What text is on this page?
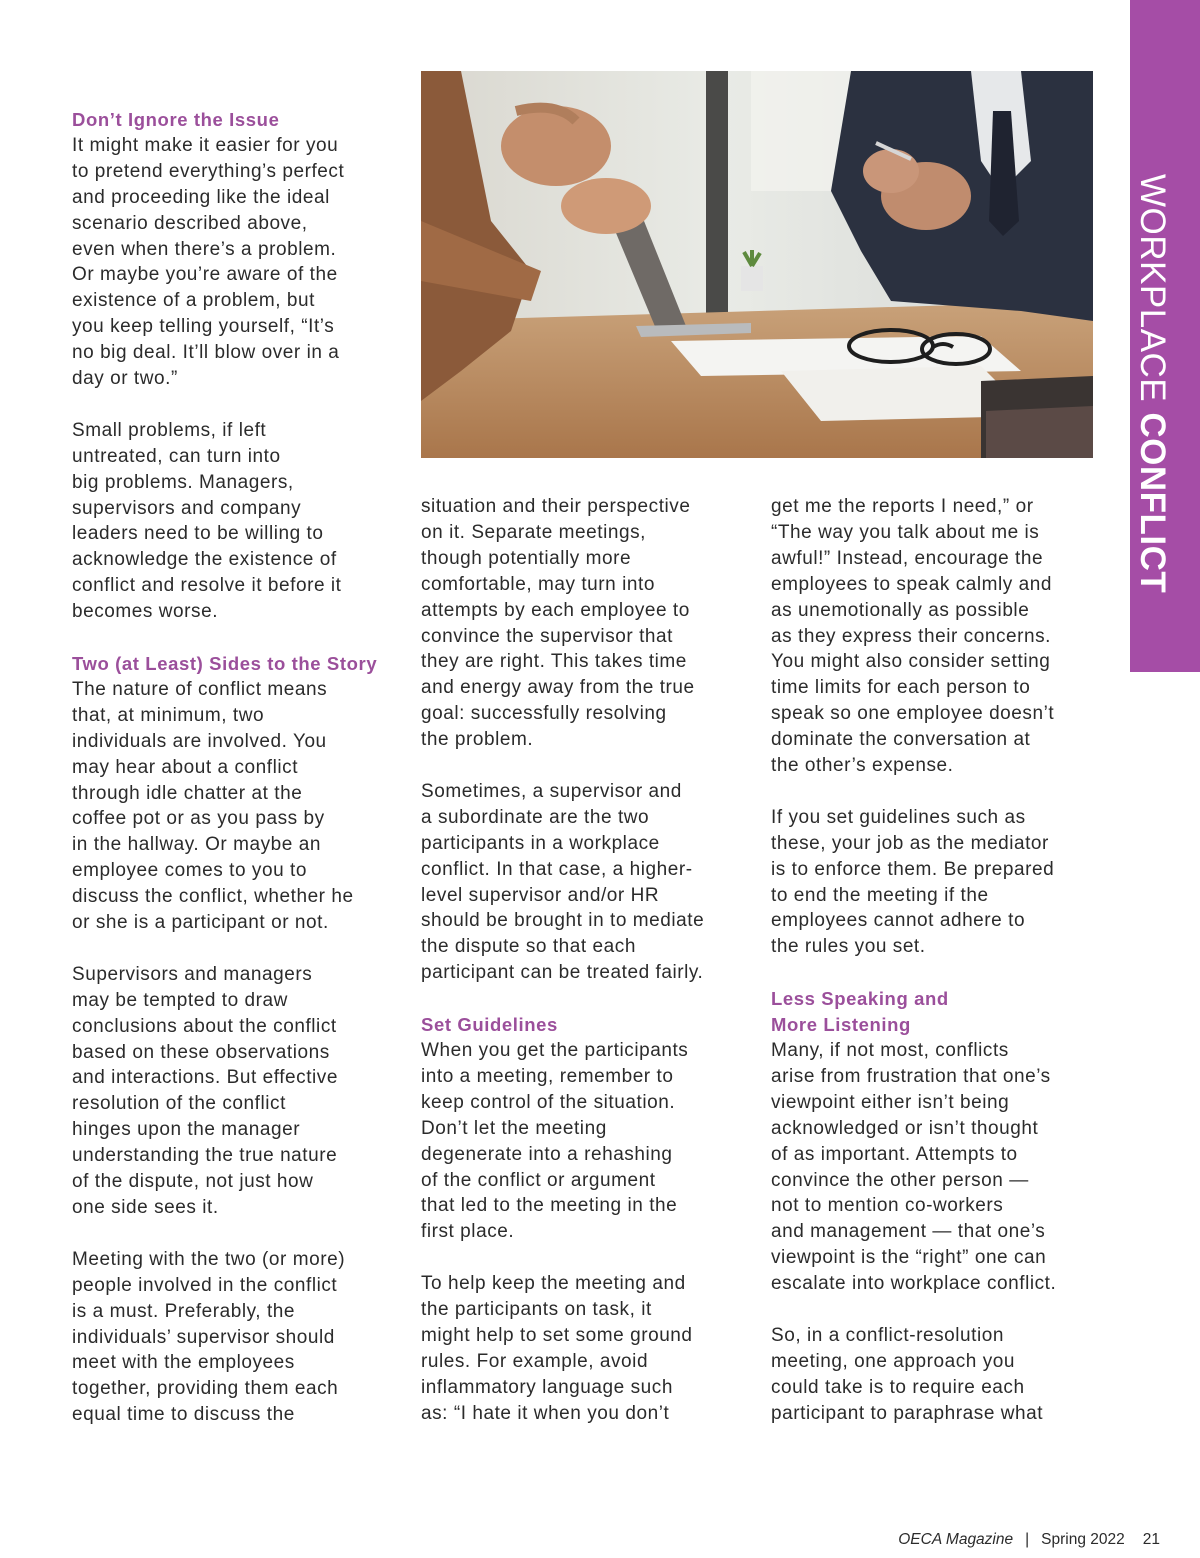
WORKPLACE CONFLICT
Don’t Ignore the Issue

It might make it easier for you
to pretend everything’s perfect
and proceeding like the ideal
scenario described above,
even when there’s a problem.
Or maybe you’re aware of the
existence of a problem, but
you keep telling yourself, “It’s
no big deal. It’ll blow over in a
day or two.”

Small problems, if left
untreated, can turn into
big problems. Managers,
supervisors and company
leaders need to be willing to
acknowledge the existence of
conflict and resolve it before it
becomes worse.

Two (at Least) Sides to the Story

The nature of conflict means
that, at minimum, two
individuals are involved. You
may hear about a conflict
through idle chatter at the
coffee pot or as you pass by
in the hallway. Or maybe an
employee comes to you to
discuss the conflict, whether he
or she is a participant or not.

Supervisors and managers
may be tempted to draw
conclusions about the conflict
based on these observations
and interactions. But effective
resolution of the conflict
hinges upon the manager
understanding the true nature
of the dispute, not just how
one side sees it.

Meeting with the two (or more)
people involved in the conflict
is a must. Preferably, the
individuals’ supervisor should
meet with the employees
together, providing them each
equal time to discuss the

situation and their perspective
on it. Separate meetings,
though potentially more
comfortable, may turn into
attempts by each employee to
convince the supervisor that
they are right. This takes time
and energy away from the true
goal: successfully resolving
the problem.

Sometimes, a supervisor and
a subordinate are the two
participants in a workplace
conflict. In that case, a higher-
level supervisor and/or HR
should be brought in to mediate
the dispute so that each
participant can be treated fairly.

Set Guidelines

When you get the participants
into a meeting, remember to
keep control of the situation.
Don’t let the meeting
degenerate into a rehashing
of the conflict or argument
that led to the meeting in the
first place.

To help keep the meeting and
the participants on task, it
might help to set some ground
rules. For example, avoid
inflammatory language such
as: “I hate it when you don’t

get me the reports I need,” or
“The way you talk about me is
awful!” Instead, encourage the
employees to speak calmly and
as unemotionally as possible
as they express their concerns.
You might also consider setting
time limits for each person to
speak so one employee doesn’t
dominate the conversation at
the other’s expense.

If you set guidelines such as
these, your job as the mediator
is to enforce them. Be prepared
to end the meeting if the
employees cannot adhere to
the rules you set.

Less Speaking and
More Listening

Many, if not most, conflicts
arise from frustration that one’s
viewpoint either isn’t being
acknowledged or isn’t thought
of as important. Attempts to
convince the other person —
not to mention co-workers
and management — that one’s
viewpoint is the “right” one can
escalate into workplace conflict.

So, in a conflict-resolution
meeting, one approach you
could take is to require each
participant to paraphrase what

OECA Magazine | Spring 2022 21
